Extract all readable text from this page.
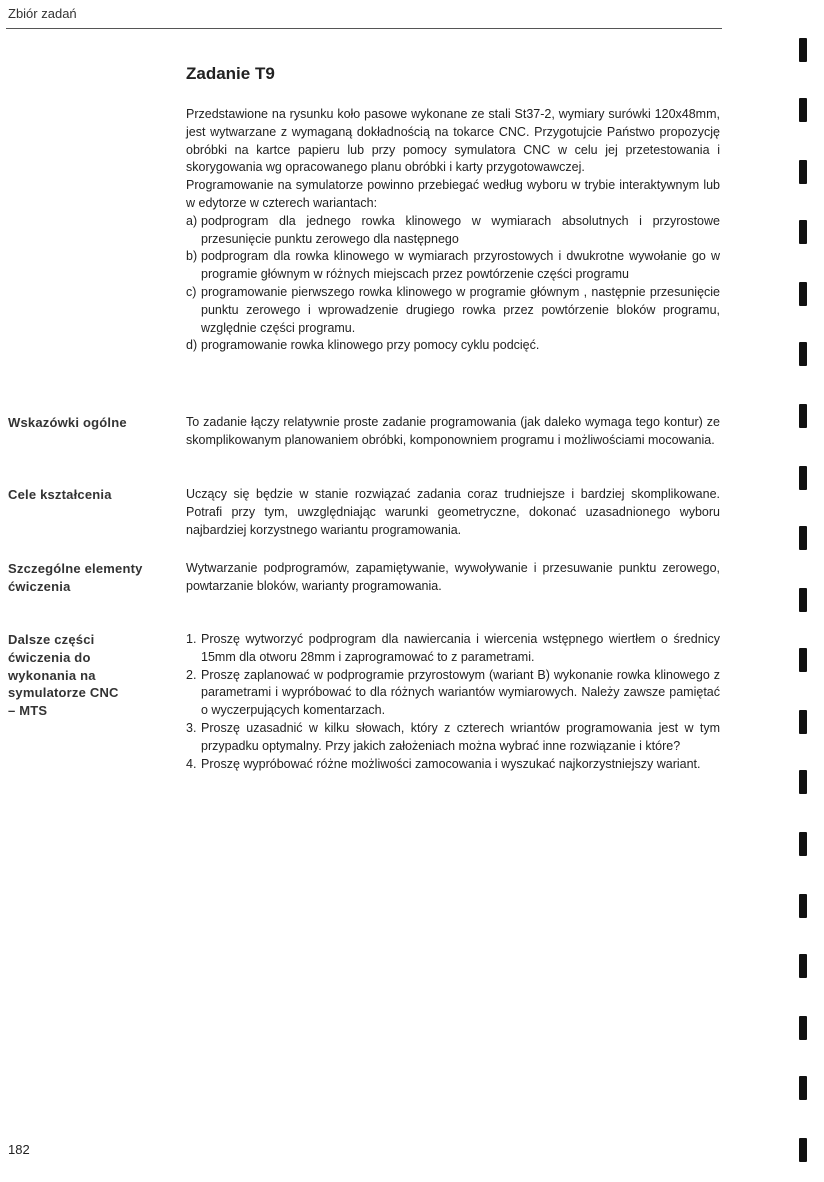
Zbiór zadań
Zadanie T9

Przedstawione na rysunku koło pasowe wykonane ze stali St37-2, wymiary surówki 120x48mm, jest wytwarzane z wymaganą dokładnością na tokarce CNC. Przygotujcie Państwo propozycję obróbki na kartce papieru lub przy pomocy symulatora CNC w celu jej przetestowania i skorygowania wg opracowanego planu obróbki i karty przygotowawczej.

Programowanie na symulatorze powinno przebiegać według wyboru w trybie interaktywnym lub w edytorze w czterech wariantach:

a) podprogram dla jednego rowka klinowego w wymiarach absolutnych i przyrostowe przesunięcie punktu zerowego dla następnego
b) podprogram dla rowka klinowego w wymiarach przyrostowych i dwukrotne wywołanie go w programie głównym w różnych miejscach przez powtórzenie części programu
c) programowanie pierwszego rowka klinowego w programie głównym , następnie przesunięcie punktu zerowego i wprowadzenie drugiego rowka przez powtórzenie bloków programu, względnie części programu.
d) programowanie rowka klinowego przy pomocy cyklu podcięć.
Wskazówki ogólne	To zadanie łączy relatywnie proste zadanie programowania (jak daleko wymaga tego kontur) ze skomplikowanym planowaniem obróbki, komponowniem programu i możliwościami mocowania.
Cele kształcenia	Uczący się będzie w stanie rozwiązać zadania coraz trudniejsze i bardziej skomplikowane. Potrafi przy tym, uwzględniając warunki geometryczne, dokonać uzasadnionego wyboru najbardziej korzystnego wariantu programowania.
Szczególne elementy ćwiczenia
Wytwarzanie podprogramów, zapamiętywanie, wywoływanie i przesuwanie punktu zerowego, powtarzanie bloków, warianty programowania.
Dalsze części ćwiczenia do wykonania na symulatorze CNC – MTS
1. Proszę wytworzyć podprogram dla nawiercania i wiercenia wstępnego wiertłem o średnicy 15mm dla otworu 28mm i zaprogramować to z parametrami.
2. Proszę zaplanować w podprogramie przyrostowym (wariant B) wykonanie rowka klinowego z parametrami i wypróbować to dla różnych wariantów wymiarowych. Należy zawsze pamiętać o wyczerpujących komentarzach.
3. Proszę uzasadnić w kilku słowach, który z czterech wriantów programowania jest w tym przypadku optymalny. Przy jakich założeniach można wybrać inne rozwiązanie i które?
4. Proszę wypróbować różne możliwości zamocowania i wyszukać najkorzystniejszy wariant.
182
